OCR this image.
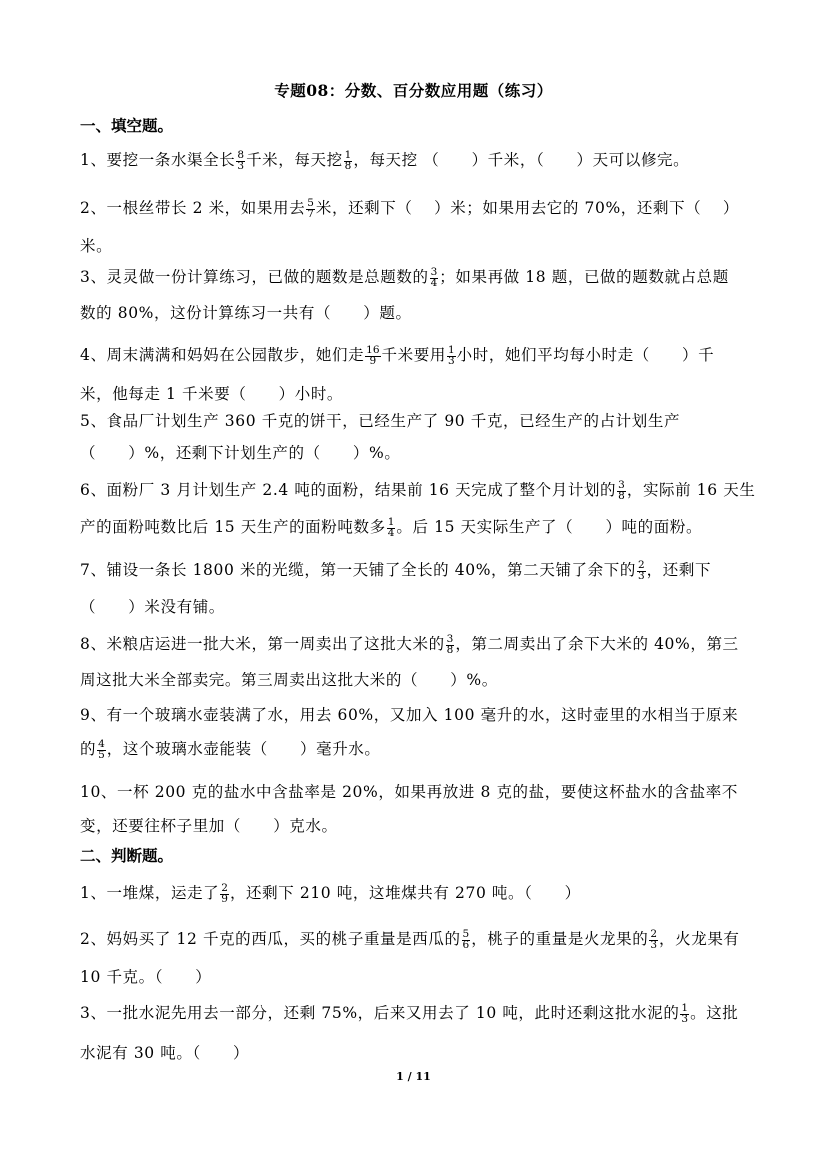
专题08：分数、百分数应用题（练习）
一、填空题。
1、要挖一条水渠全长 $\frac{8}{3}$ 千米，每天挖 $\frac{1}{8}$ ，每天挖 （　　）千米，（　　）天可以修完。
2、一根丝带长 2 米，如果用去 $\frac{5}{7}$ 米，还剩下（　 ）米；如果用去它的 70%，还剩下（　 ）
米。
3、灵灵做一份计算练习，已做的题数是总题数的 $\frac{3}{4}$ ；如果再做 18 题，已做的题数就占总题
数的 80%，这份计算练习一共有（　　）题。
4、周末满满和妈妈在公园散步，她们走 $\frac{16}{9}$ 千米要用 $\frac{1}{3}$ 小时，她们平均每小时走（　　）千
米，他每走 1 千米要（　　）小时。
5、食品厂计划生产 360 千克的饼干，已经生产了 90 千克，已经生产的占计划生产
（　　）%，还剩下计划生产的（　　）%。
6、面粉厂 3 月计划生产 2.4 吨的面粉，结果前 16 天完成了整个月计划的 $\frac{3}{8}$ ，实际前 16 天生
产的面粉吨数比后 15 天生产的面粉吨数多 $\frac{1}{4}$ 。后 15 天实际生产了（　　）吨的面粉。
7、铺设一条长 1800 米的光缆，第一天铺了全长的 40%，第二天铺了余下的 $\frac{2}{3}$ ，还剩下
（　　）米没有铺。
8、米粮店运进一批大米，第一周卖出了这批大米的 $\frac{3}{8}$ ，第二周卖出了余下大米的 40%，第三
周这批大米全部卖完。第三周卖出这批大米的（　　）%。
9、有一个玻璃水壶装满了水，用去 60%，又加入 100 毫升的水，这时壶里的水相当于原来
的 $\frac{4}{5}$ ，这个玻璃水壶能装（　　）毫升水。
10、一杯 200 克的盐水中含盐率是 20%，如果再放进 8 克的盐，要使这杯盐水的含盐率不
变，还要往杯子里加（　　）克水。
二、判断题。
1、一堆煤，运走了 $\frac{2}{9}$ ，还剩下 210 吨，这堆煤共有 270 吨。（　　）
2、妈妈买了 12 千克的西瓜，买的桃子重量是西瓜的 $\frac{5}{6}$ ，桃子的重量是火龙果的 $\frac{2}{3}$ ，火龙果有
10 千克。（　　）
3、一批水泥先用去一部分，还剩 75%，后来又用去了 10 吨，此时还剩这批水泥的 $\frac{1}{3}$ 。这批
水泥有 30 吨。（　　）
1 / 11
